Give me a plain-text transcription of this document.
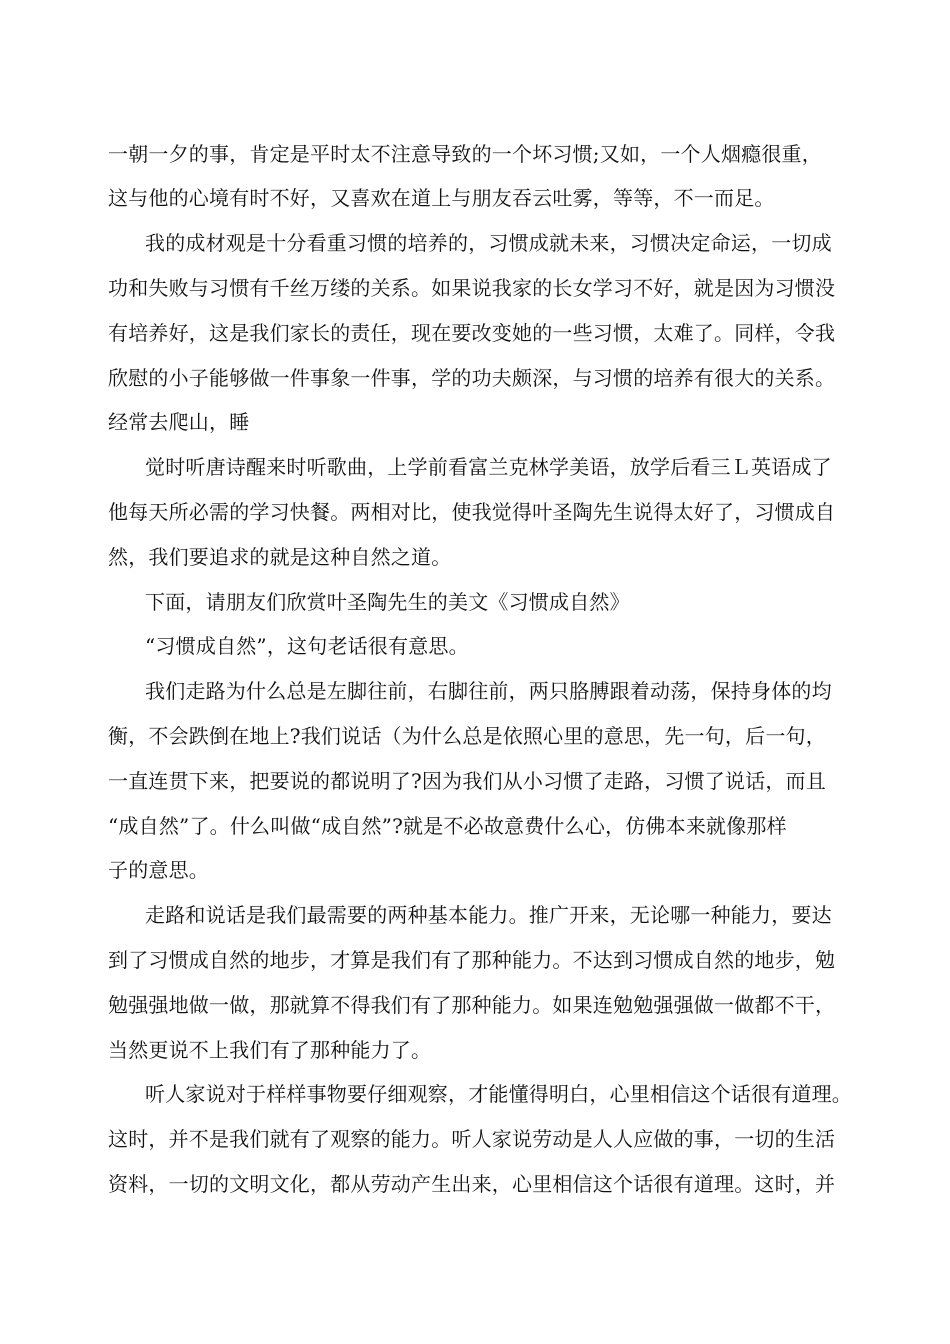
一朝一夕的事，肯定是平时太不注意导致的一个坏习惯;又如，一个人烟瘾很重，

这与他的心境有时不好，又喜欢在道上与朋友吞云吐雾，等等，不一而足。

我的成材观是十分看重习惯的培养的，习惯成就未来，习惯决定命运，一切成

功和失败与习惯有千丝万缕的关系。如果说我家的长女学习不好，就是因为习惯没

有培养好，这是我们家长的责任，现在要改变她的一些习惯，太难了。同样，令我

欣慰的小子能够做一件事象一件事，学的功夫颇深，与习惯的培养有很大的关系。

经常去爬山，睡

觉时听唐诗醒来时听歌曲，上学前看富兰克林学美语，放学后看三Ｌ英语成了

他每天所必需的学习快餐。两相对比，使我觉得叶圣陶先生说得太好了，习惯成自

然，我们要追求的就是这种自然之道。

下面，请朋友们欣赏叶圣陶先生的美文《习惯成自然》

“习惯成自然”，这句老话很有意思。

我们走路为什么总是左脚往前，右脚往前，两只胳膊跟着动荡，保持身体的均

衡，不会跌倒在地上?我们说话（为什么总是依照心里的意思，先一句，后一句，

一直连贯下来，把要说的都说明了?因为我们从小习惯了走路，习惯了说话，而且

“成自然”了。什么叫做“成自然”?就是不必故意费什么心，仿佛本来就像那样

子的意思。

走路和说话是我们最需要的两种基本能力。推广开来，无论哪一种能力，要达

到了习惯成自然的地步，才算是我们有了那种能力。不达到习惯成自然的地步，勉

勉强强地做一做，那就算不得我们有了那种能力。如果连勉勉强强做一做都不干，

当然更说不上我们有了那种能力了。

听人家说对于样样事物要仔细观察，才能懂得明白，心里相信这个话很有道理。

这时，并不是我们就有了观察的能力。听人家说劳动是人人应做的事，一切的生活

资料，一切的文明文化，都从劳动产生出来，心里相信这个话很有道理。这时，并
